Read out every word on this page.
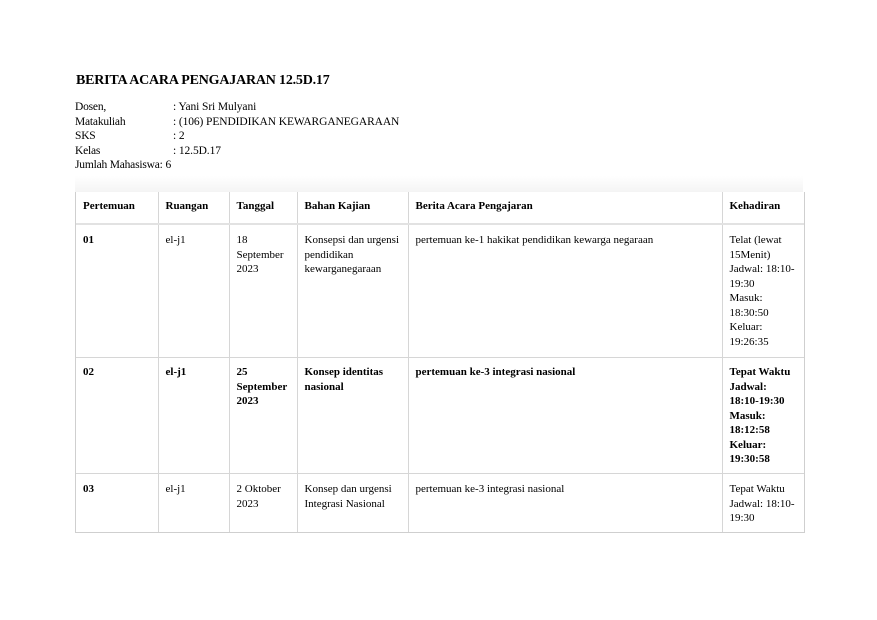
BERITA ACARA PENGAJARAN 12.5D.17
Dosen,	: Yani Sri Mulyani
Matakuliah	: (106) PENDIDIKAN KEWARGANEGARAAN
SKS	: 2
Kelas	: 12.5D.17
Jumlah Mahasiswa : 6
Pertemuan	Ruangan	Tanggal	Bahan Kajian	Berita Acara Pengajaran	Kehadiran
01	el-j1	18 September 2023	Konsepsi dan urgensi pendidikan kewarganegaraan	pertemuan ke-1 hakikat pendidikan kewarga negaraan	Telat (lewat 15Menit)
Jadwal: 18:10-19:30
Masuk: 18:30:50
Keluar: 19:26:35
02	el-j1	25 September 2023	Konsep identitas nasional	pertemuan ke-3 integrasi nasional	Tepat Waktu
Jadwal: 18:10-19:30
Masuk: 18:12:58
Keluar: 19:30:58
03	el-j1	2 Oktober 2023	Konsep dan urgensi Integrasi Nasional	pertemuan ke-3 integrasi nasional	Tepat Waktu
Jadwal: 18:10-19:30
